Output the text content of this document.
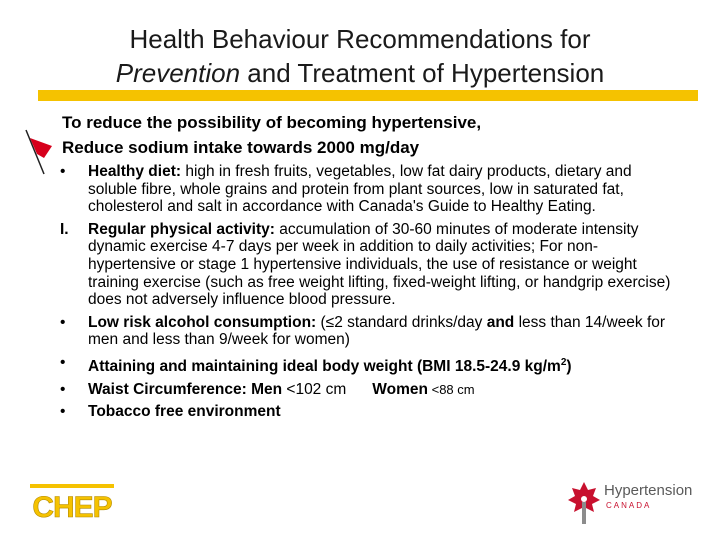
Health Behaviour Recommendations for
Prevention and Treatment of Hypertension
To reduce the possibility of becoming hypertensive,
Reduce sodium intake towards 2000 mg/day
• Healthy diet: high in fresh fruits, vegetables, low fat dairy products, dietary and soluble fibre, whole grains and protein from plant sources, low in saturated fat, cholesterol and salt in accordance with Canada's Guide to Healthy Eating.
I. Regular physical activity: accumulation of 30-60 minutes of moderate intensity dynamic exercise 4-7 days per week in addition to daily activities; For non-hypertensive or stage 1 hypertensive individuals, the use of resistance or weight training exercise (such as free weight lifting, fixed-weight lifting, or handgrip exercise) does not adversely influence blood pressure.
• Low risk alcohol consumption: (≤2 standard drinks/day and less than 14/week for men and less than 9/week for women)
• Attaining and maintaining ideal body weight (BMI 18.5-24.9 $kg/m^2$)
• Waist Circumference: Men <102 cm Women <88 cm
• Tobacco free environment
CHEP
Hypertension
CANADA
